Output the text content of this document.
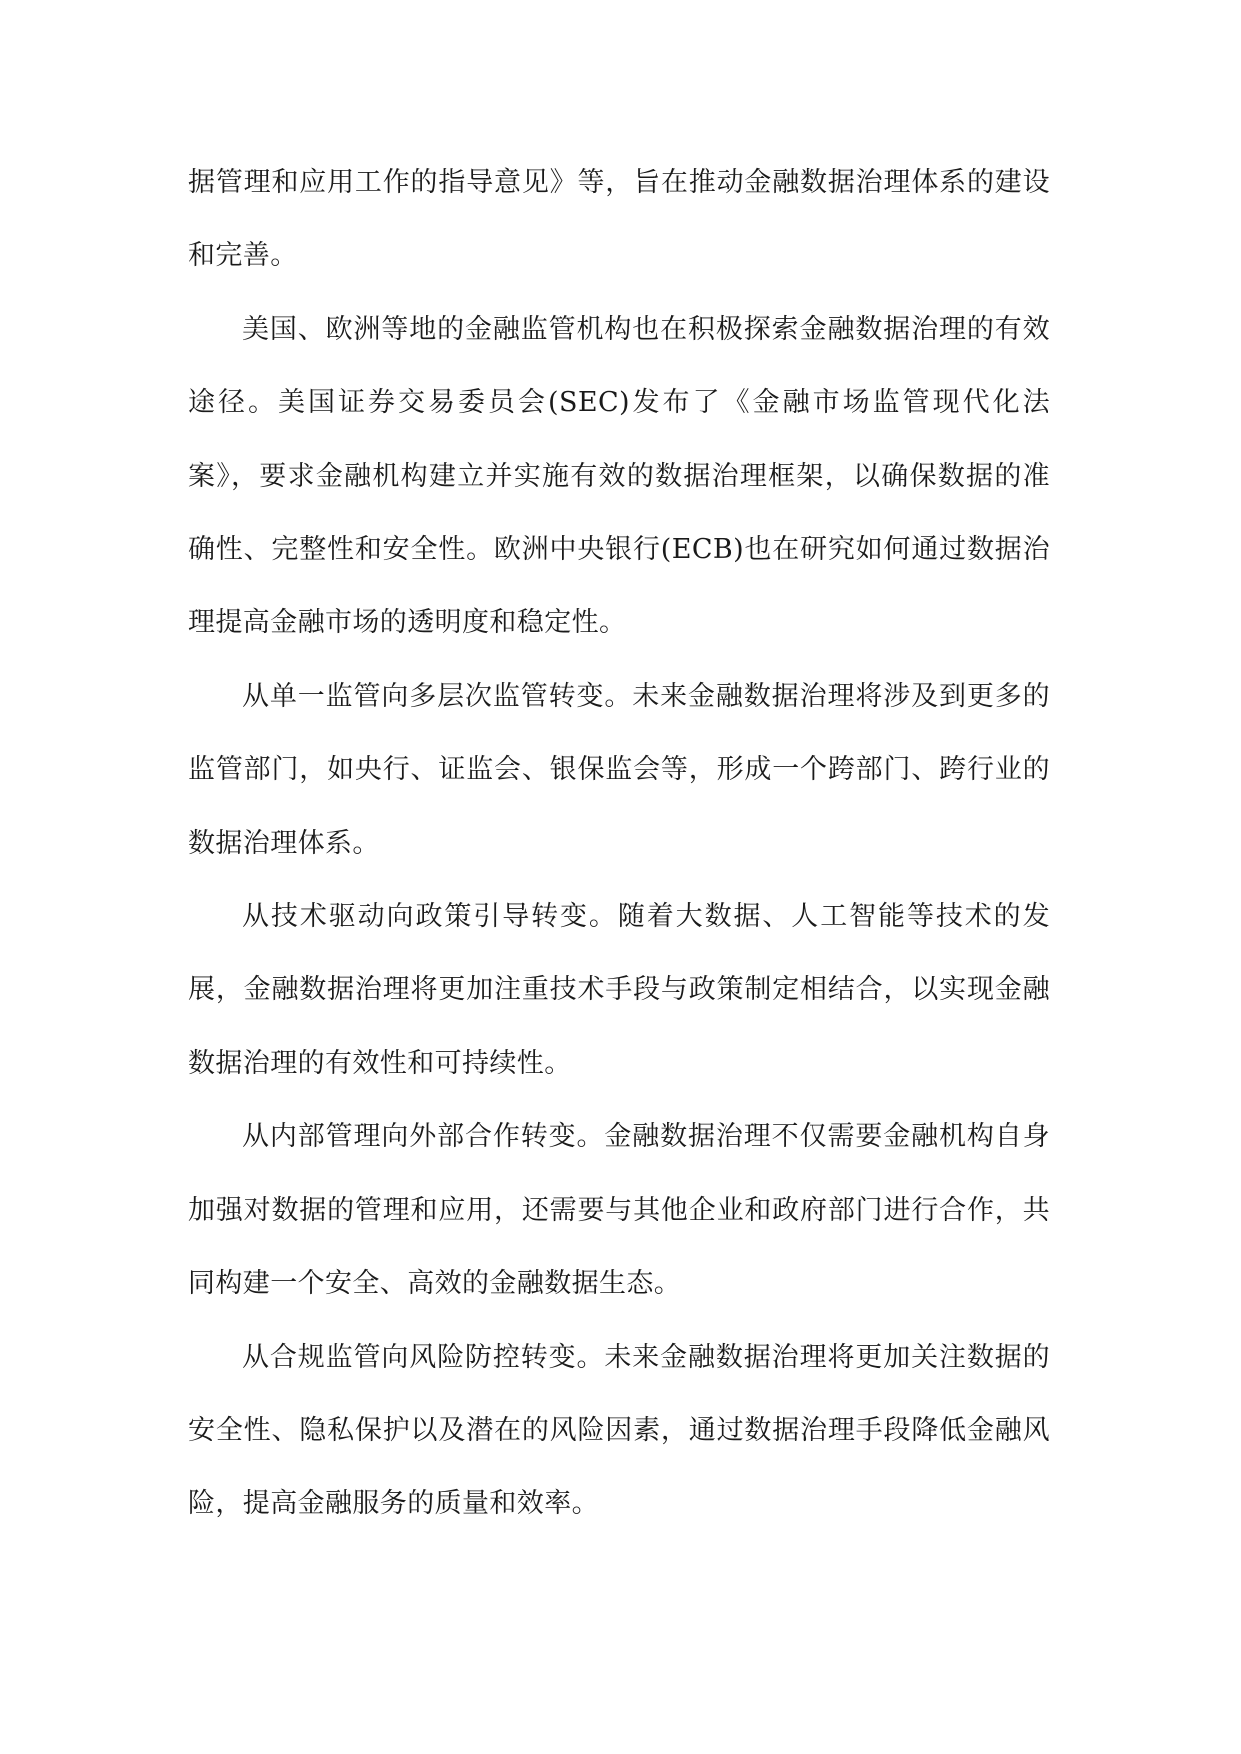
据管理和应用工作的指导意见》等，旨在推动金融数据治理体系的建设和完善。

美国、欧洲等地的金融监管机构也在积极探索金融数据治理的有效途径。美国证券交易委员会(SEC)发布了《金融市场监管现代化法案》，要求金融机构建立并实施有效的数据治理框架，以确保数据的准确性、完整性和安全性。欧洲中央银行(ECB)也在研究如何通过数据治理提高金融市场的透明度和稳定性。

从单一监管向多层次监管转变。未来金融数据治理将涉及到更多的监管部门，如央行、证监会、银保监会等，形成一个跨部门、跨行业的数据治理体系。

从技术驱动向政策引导转变。随着大数据、人工智能等技术的发展，金融数据治理将更加注重技术手段与政策制定相结合，以实现金融数据治理的有效性和可持续性。

从内部管理向外部合作转变。金融数据治理不仅需要金融机构自身加强对数据的管理和应用，还需要与其他企业和政府部门进行合作，共同构建一个安全、高效的金融数据生态。

从合规监管向风险防控转变。未来金融数据治理将更加关注数据的安全性、隐私保护以及潜在的风险因素，通过数据治理手段降低金融风险，提高金融服务的质量和效率。
